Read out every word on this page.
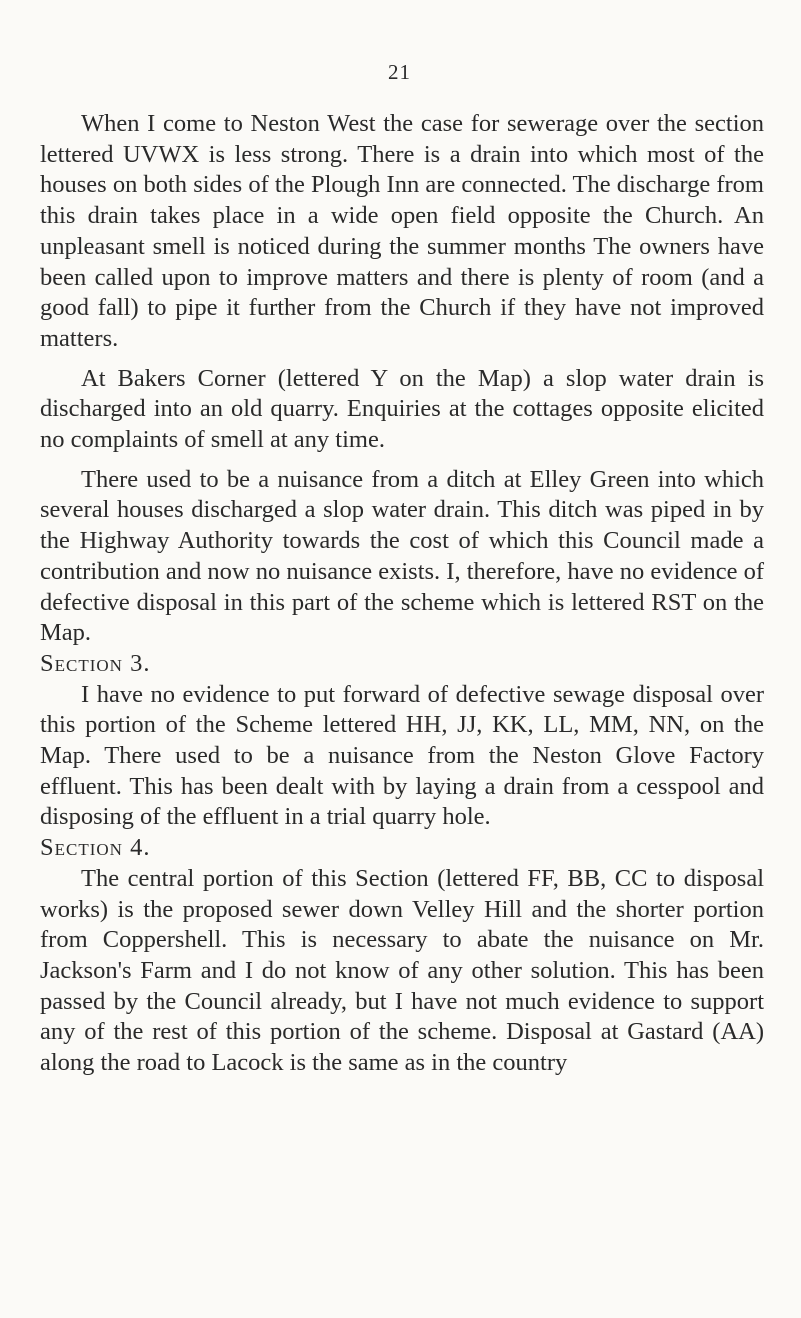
21

When I come to Neston West the case for sewerage over the section lettered UVWX is less strong. There is a drain into which most of the houses on both sides of the Plough Inn are connected. The discharge from this drain takes place in a wide open field opposite the Church. An unpleasant smell is noticed during the summer months The owners have been called upon to improve matters and there is plenty of room (and a good fall) to pipe it further from the Church if they have not improved matters.

At Bakers Corner (lettered Y on the Map) a slop water drain is discharged into an old quarry. Enquiries at the cottages opposite elicited no complaints of smell at any time.

There used to be a nuisance from a ditch at Elley Green into which several houses discharged a slop water drain. This ditch was piped in by the Highway Authority towards the cost of which this Council made a contribution and now no nuisance exists. I, therefore, have no evidence of defective disposal in this part of the scheme which is lettered RST on the Map.

Section 3.

I have no evidence to put forward of defective sewage disposal over this portion of the Scheme lettered HH, JJ, KK, LL, MM, NN, on the Map. There used to be a nuisance from the Neston Glove Factory effluent. This has been dealt with by laying a drain from a cesspool and disposing of the effluent in a trial quarry hole.

Section 4.

The central portion of this Section (lettered FF, BB, CC to disposal works) is the proposed sewer down Velley Hill and the shorter portion from Coppershell. This is necessary to abate the nuisance on Mr. Jackson's Farm and I do not know of any other solution. This has been passed by the Council already, but I have not much evidence to support any of the rest of this portion of the scheme. Disposal at Gastard (AA) along the road to Lacock is the same as in the country
